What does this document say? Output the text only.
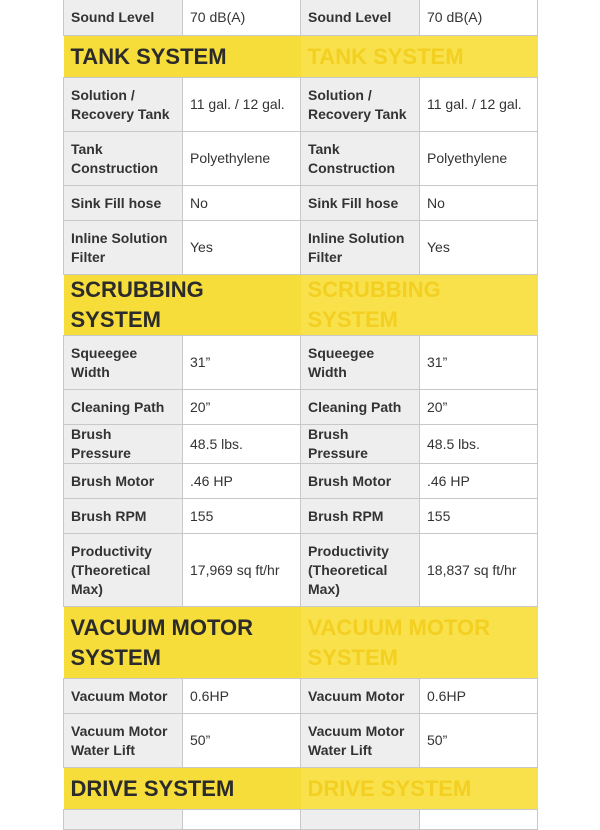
Sound Level	70 dB(A)	Sound Level	70 dB(A)
TANK SYSTEM		TANK SYSTEM	
Solution / Recovery Tank	11 gal. / 12 gal.	Solution / Recovery Tank	11 gal. / 12 gal.
Tank Construction	Polyethylene	Tank Construction	Polyethylene
Sink Fill hose	No	Sink Fill hose	No
Inline Solution Filter	Yes	Inline Solution Filter	Yes
SCRUBBING SYSTEM		SCRUBBING SYSTEM	
Squeegee Width	31”	Squeegee Width	31”
Cleaning Path	20”	Cleaning Path	20”
Brush Pressure	48.5 lbs.	Brush Pressure	48.5 lbs.
Brush Motor	.46 HP	Brush Motor	.46 HP
Brush RPM	155	Brush RPM	155
Productivity (Theoretical Max)	17,969 sq ft/hr	Productivity (Theoretical Max)	18,837 sq ft/hr
VACUUM MOTOR SYSTEM		VACUUM MOTOR SYSTEM	
Vacuum Motor	0.6HP	Vacuum Motor	0.6HP
Vacuum Motor Water Lift	50”	Vacuum Motor Water Lift	50”
DRIVE SYSTEM		DRIVE SYSTEM	
